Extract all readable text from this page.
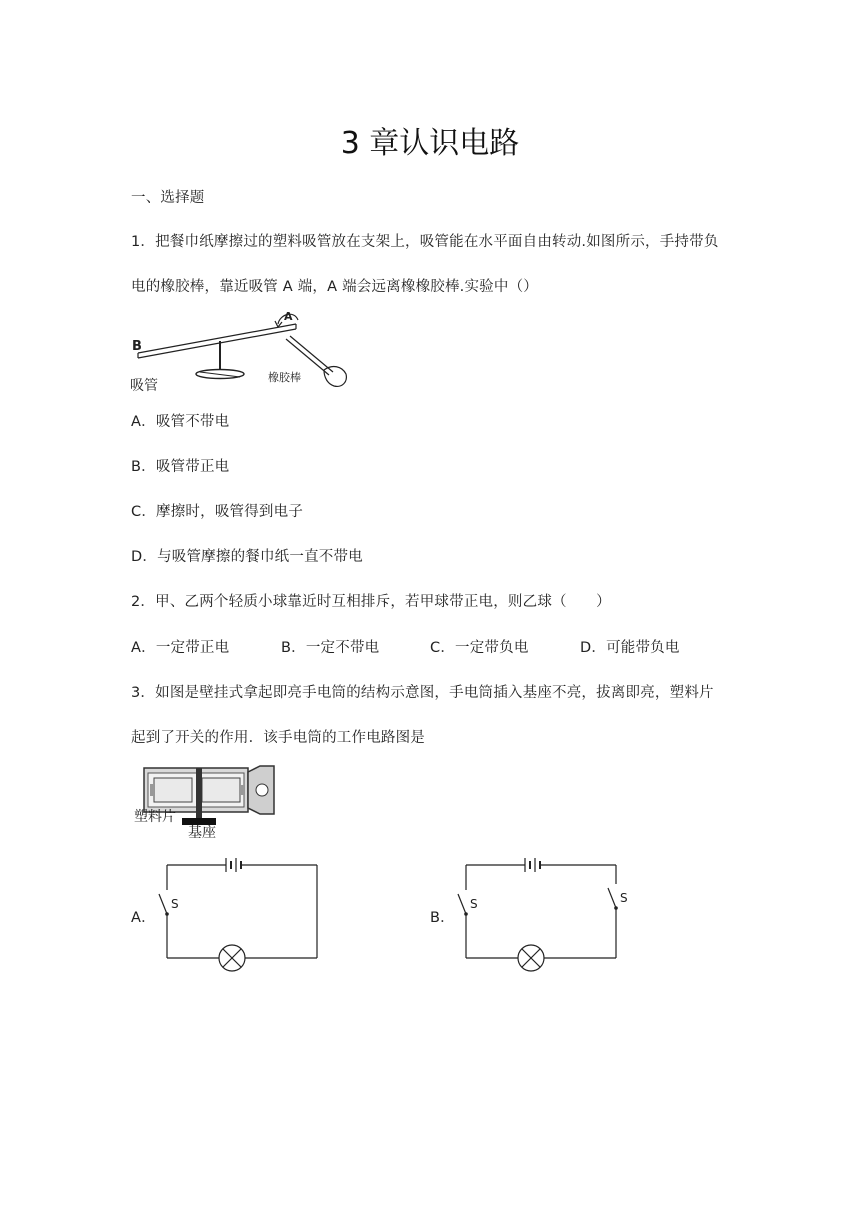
3 章认识电路
一、选择题
1．把餐巾纸摩擦过的塑料吸管放在支架上，吸管能在水平面自由转动.如图所示，手持带负
电的橡胶棒，靠近吸管 A 端，A 端会远离橡橡胶棒.实验中（）
B
A
吸管
橡胶棒
A．吸管不带电
B．吸管带正电
C．摩擦时，吸管得到电子
D．与吸管摩擦的餐巾纸一直不带电
2．甲、乙两个轻质小球靠近时互相排斥，若甲球带正电，则乙球（　　）
A．一定带正电	B．一定不带电	C．一定带负电	D．可能带负电
3．如图是壁挂式拿起即亮手电筒的结构示意图，手电筒插入基座不亮，拔离即亮，塑料片
起到了开关的作用．该手电筒的工作电路图是
塑料片
基座
A．
S
B．
S	S
